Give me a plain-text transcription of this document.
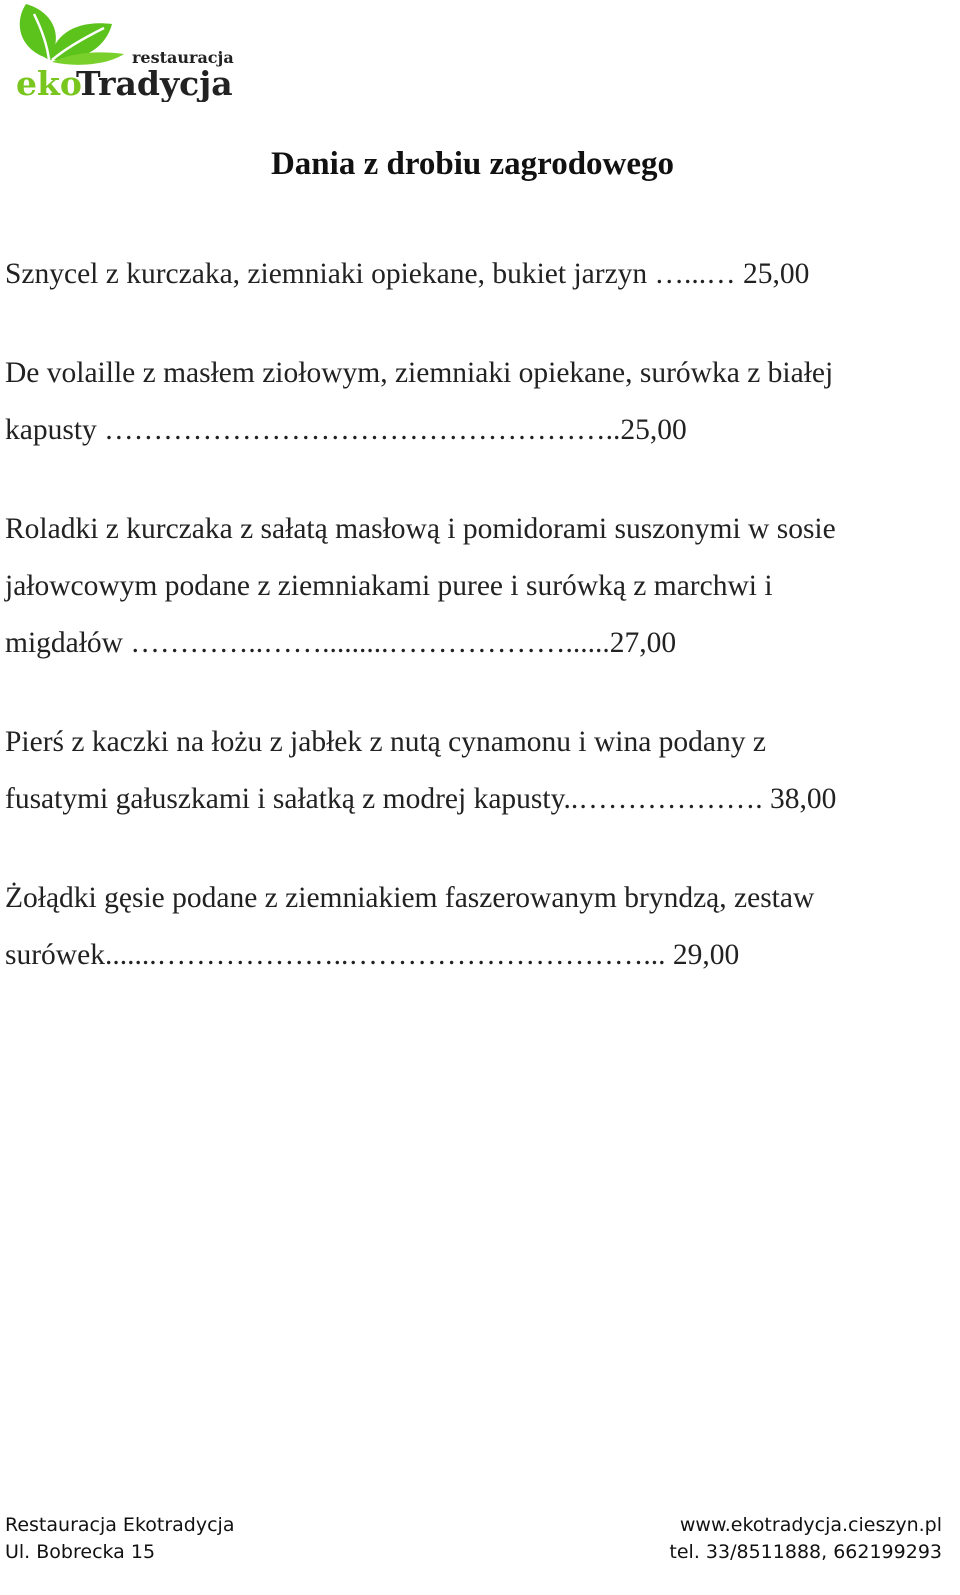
restauracja
eko
Tradycja
Dania z drobiu zagrodowego
Sznycel z kurczaka, ziemniaki opiekane, bukiet jarzyn …...… 25,00
De volaille z masłem ziołowym, ziemniaki opiekane, surówka z białej
kapusty ……………………………………………..25,00
Roladki z kurczaka z sałatą masłową i pomidorami suszonymi w sosie
jałowcowym podane z ziemniakami puree i surówką z marchwi i
migdałów …………..…….........………………......27,00
Pierś z kaczki na łożu z jabłek z nutą cynamonu i wina podany z
fusatymi gałuszkami i sałatką z modrej kapusty..………………. 38,00
Żołądki gęsie podane z ziemniakiem faszerowanym bryndzą, zestaw
surówek.......………………..…………………………... 29,00
Restauracja Ekotradycja
Ul. Bobrecka 15
www.ekotradycja.cieszyn.pl
tel. 33/8511888, 662199293
